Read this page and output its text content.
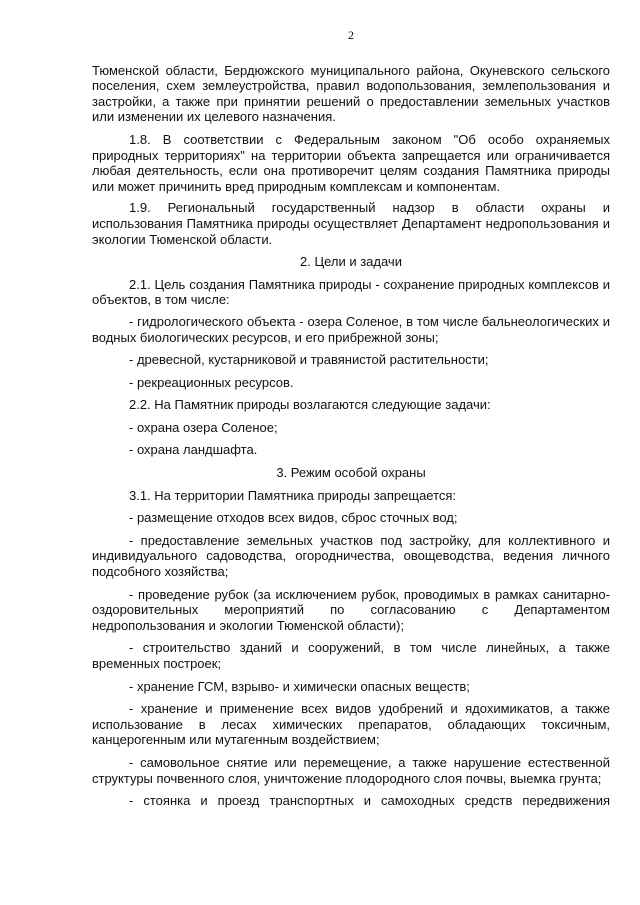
2

Тюменской области, Бердюжского муниципального района, Окуневского сельского поселения, схем землеустройства, правил водопользования, землепользования и застройки, а также при принятии решений о предоставлении земельных участков или изменении их целевого назначения.

1.8. В соответствии с Федеральным законом "Об особо охраняемых природных территориях" на территории объекта запрещается или ограничивается любая деятельность, если она противоречит целям создания Памятника природы или может причинить вред природным комплексам и компонентам.

1.9. Региональный государственный надзор в области охраны и использования Памятника природы осуществляет Департамент недропользования и экологии Тюменской области.

2. Цели и задачи

2.1. Цель создания Памятника природы - сохранение природных комплексов и объектов, в том числе:

- гидрологического объекта - озера Соленое, в том числе бальнеологических и водных биологических ресурсов, и его прибрежной зоны;

- древесной, кустарниковой и травянистой растительности;

- рекреационных ресурсов.

2.2. На Памятник природы возлагаются следующие задачи:

- охрана озера Соленое;

- охрана ландшафта.

3. Режим особой охраны

3.1. На территории Памятника природы запрещается:

- размещение отходов всех видов, сброс сточных вод;

- предоставление земельных участков под застройку, для коллективного и индивидуального садоводства, огородничества, овощеводства, ведения личного подсобного хозяйства;

- проведение рубок (за исключением рубок, проводимых в рамках санитарно-оздоровительных мероприятий по согласованию с Департаментом недропользования и экологии Тюменской области);

- строительство зданий и сооружений, в том числе линейных, а также временных построек;

- хранение ГСМ, взрыво- и химически опасных веществ;

- хранение и применение всех видов удобрений и ядохимикатов, а также использование в лесах химических препаратов, обладающих токсичным, канцерогенным или мутагенным воздействием;

- самовольное снятие или перемещение, а также нарушение естественной структуры почвенного слоя, уничтожение плодородного слоя почвы, выемка грунта;

- стоянка и проезд транспортных и самоходных средств передвижения
